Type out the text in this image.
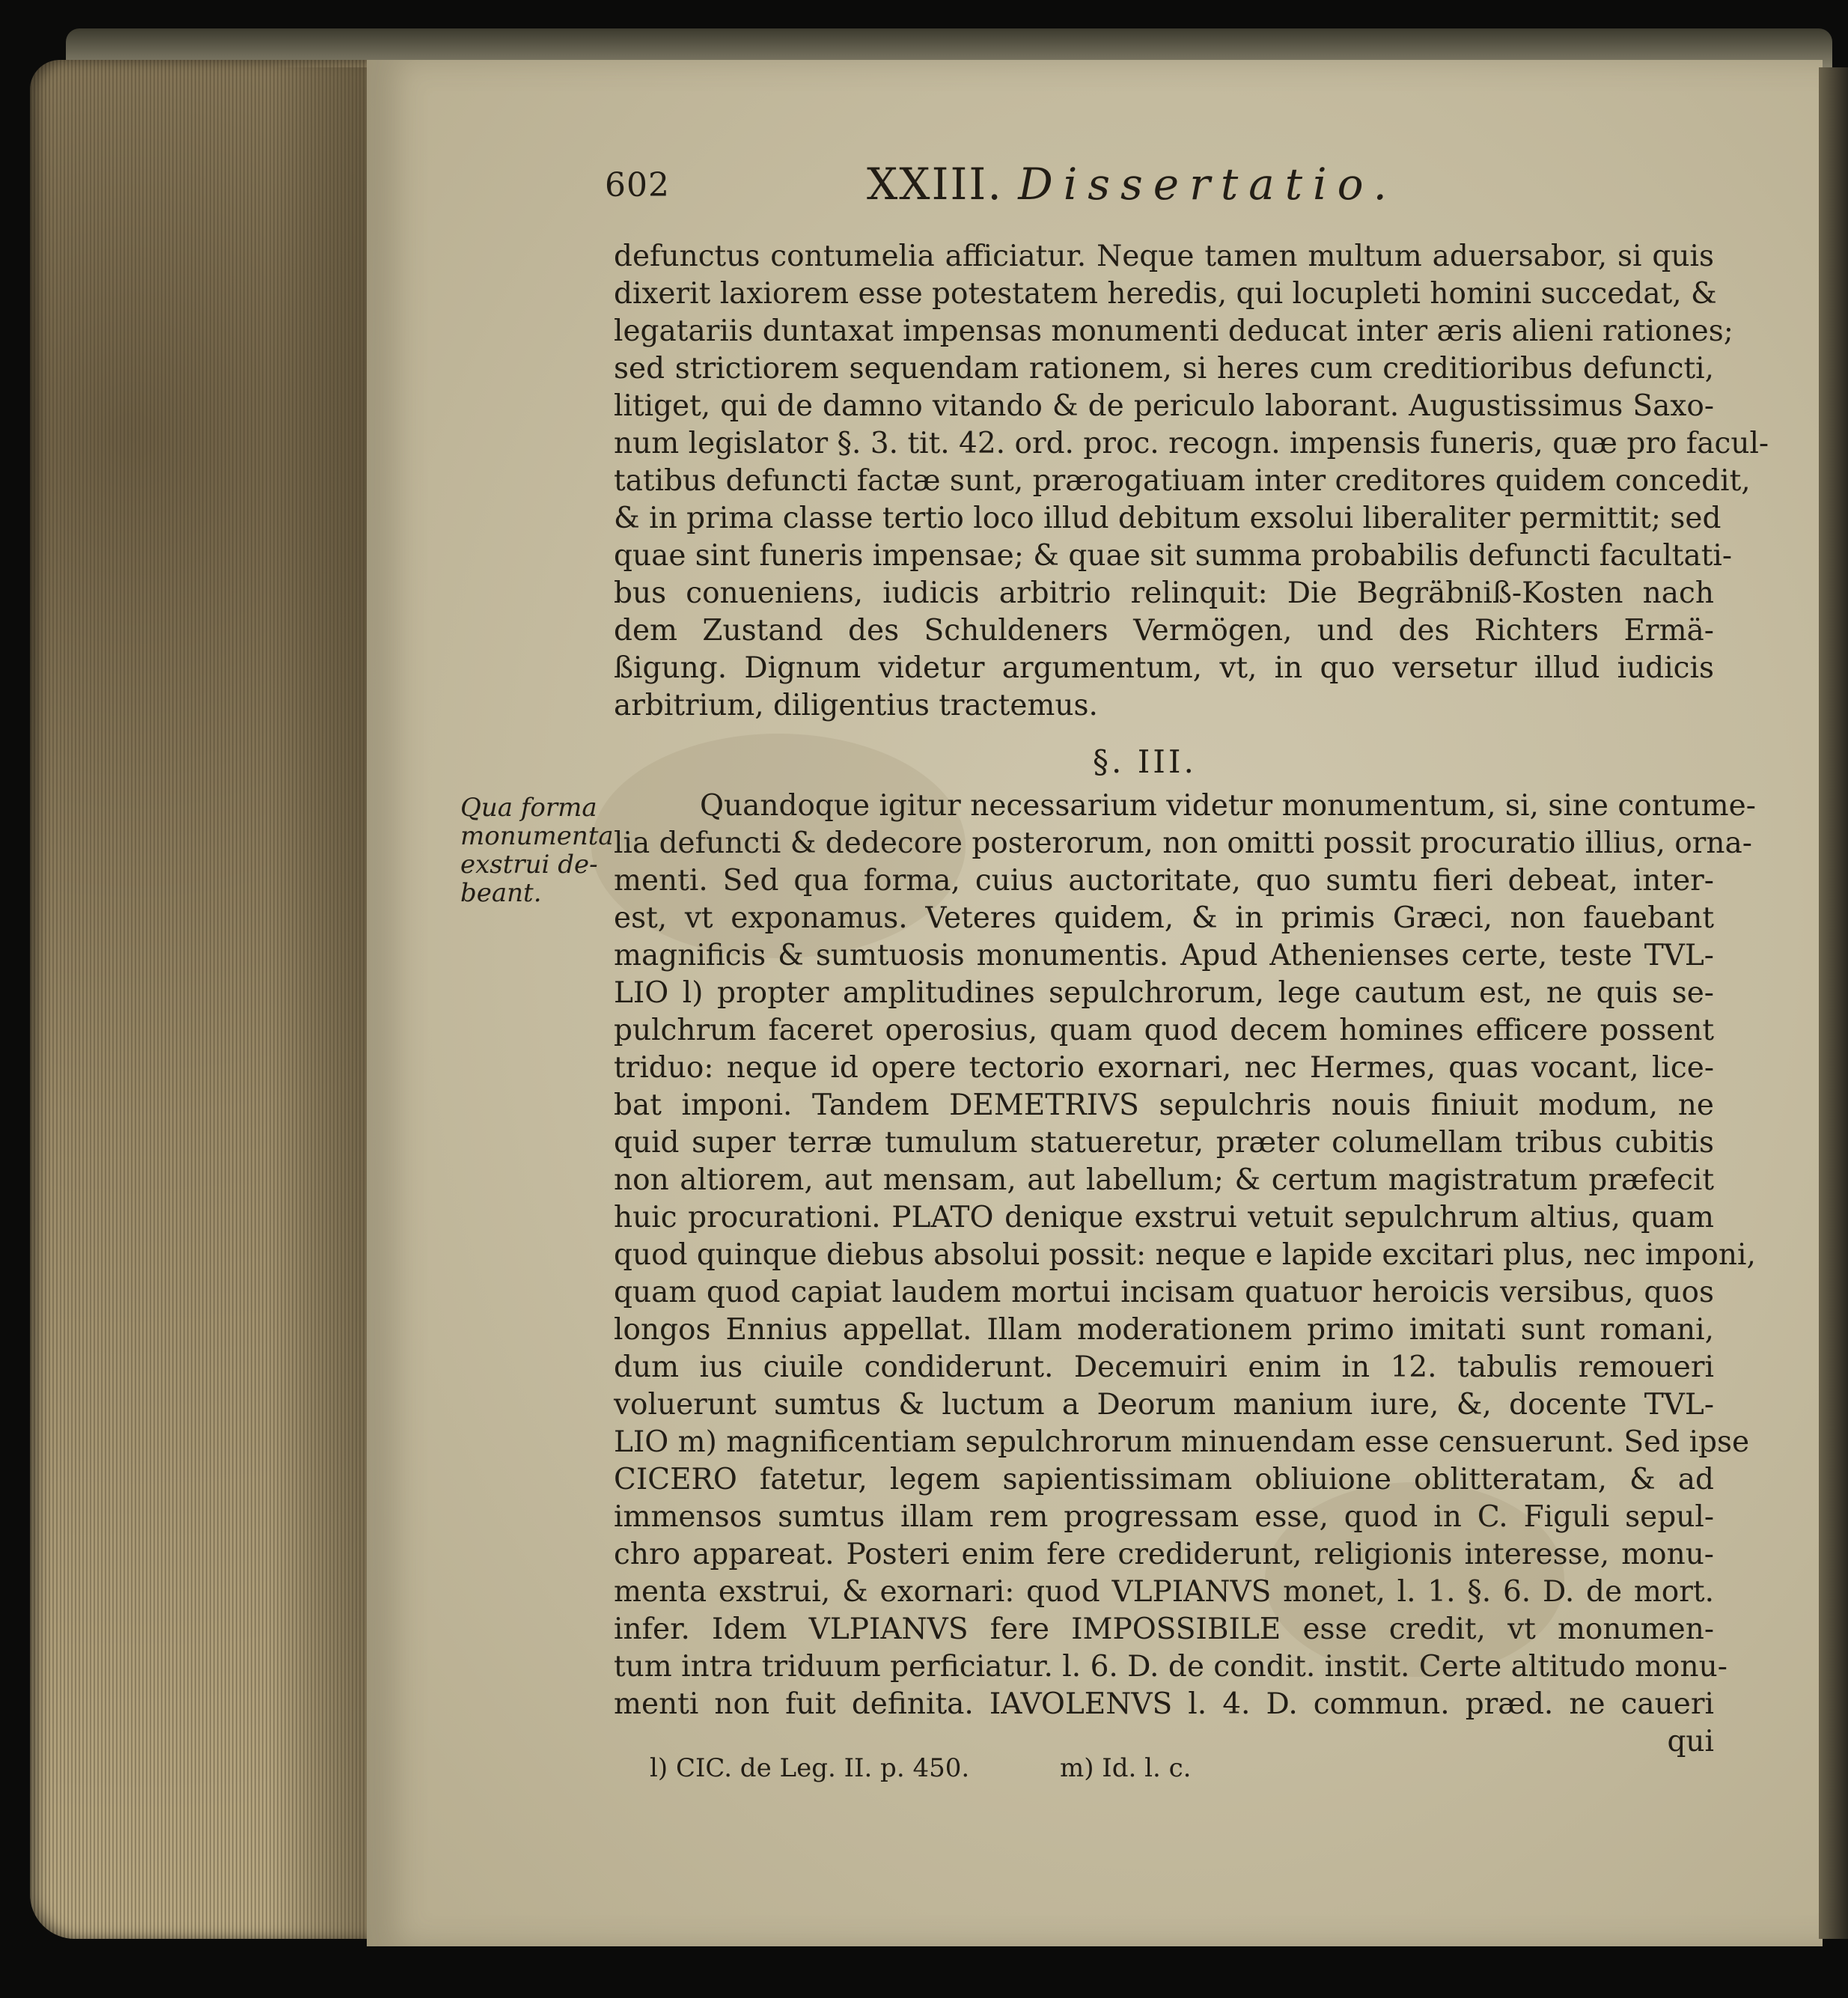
602	XXIII. Dissertatio.
defunctus contumelia afficiatur. Neque tamen multum aduersabor, si quis
dixerit laxiorem esse potestatem heredis, qui locupleti homini succedat, &
legatariis duntaxat impensas monumenti deducat inter æris alieni rationes;
sed strictiorem sequendam rationem, si heres cum creditioribus defuncti,
litiget, qui de damno vitando & de periculo laborant. Augustissimus Saxo-
num legislator §. 3. tit. 42. ord. proc. recogn. impensis funeris, quæ pro facul-
tatibus defuncti factæ sunt, prærogatiuam inter creditores quidem concedit,
& in prima classe tertio loco illud debitum exsolui liberaliter permittit; sed
quae sint funeris impensae; & quae sit summa probabilis defuncti facultati-
bus conueniens, iudicis arbitrio relinquit: Die Begräbniß-Kosten nach
dem Zustand des Schuldeners Vermögen, und des Richters Ermä-
ßigung. Dignum videtur argumentum, vt, in quo versetur illud iudicis
arbitrium, diligentius tractemus.
§. III.
Qua forma
monumenta
exstrui de-
beant.
Quandoque igitur necessarium videtur monumentum, si, sine contume-
lia defuncti & dedecore posterorum, non omitti possit procuratio illius, orna-
menti. Sed qua forma, cuius auctoritate, quo sumtu fieri debeat, inter-
est, vt exponamus. Veteres quidem, & in primis Græci, non fauebant
magnificis & sumtuosis monumentis. Apud Athenienses certe, teste TVL-
LIO l) propter amplitudines sepulchrorum, lege cautum est, ne quis se-
pulchrum faceret operosius, quam quod decem homines efficere possent
triduo: neque id opere tectorio exornari, nec Hermes, quas vocant, lice-
bat imponi. Tandem DEMETRIVS sepulchris nouis finiuit modum, ne
quid super terræ tumulum statueretur, præter columellam tribus cubitis
non altiorem, aut mensam, aut labellum; & certum magistratum præfecit
huic procurationi. PLATO denique exstrui vetuit sepulchrum altius, quam
quod quinque diebus absolui possit: neque e lapide excitari plus, nec imponi,
quam quod capiat laudem mortui incisam quatuor heroicis versibus, quos
longos Ennius appellat. Illam moderationem primo imitati sunt romani,
dum ius ciuile condiderunt. Decemuiri enim in 12. tabulis remoueri
voluerunt sumtus & luctum a Deorum manium iure, &, docente TVL-
LIO m) magnificentiam sepulchrorum minuendam esse censuerunt. Sed ipse
CICERO fatetur, legem sapientissimam obliuione oblitteratam, & ad
immensos sumtus illam rem progressam esse, quod in C. Figuli sepul-
chro appareat. Posteri enim fere crediderunt, religionis interesse, monu-
menta exstrui, & exornari: quod VLPIANVS monet, l. 1. §. 6. D. de mort.
infer. Idem VLPIANVS fere IMPOSSIBILE esse credit, vt monumen-
tum intra triduum perficiatur. l. 6. D. de condit. instit. Certe altitudo monu-
menti non fuit definita. IAVOLENVS l. 4. D. commun. præd. ne caueri
qui
l) CIC. de Leg. II. p. 450.	m) Id. l. c.
